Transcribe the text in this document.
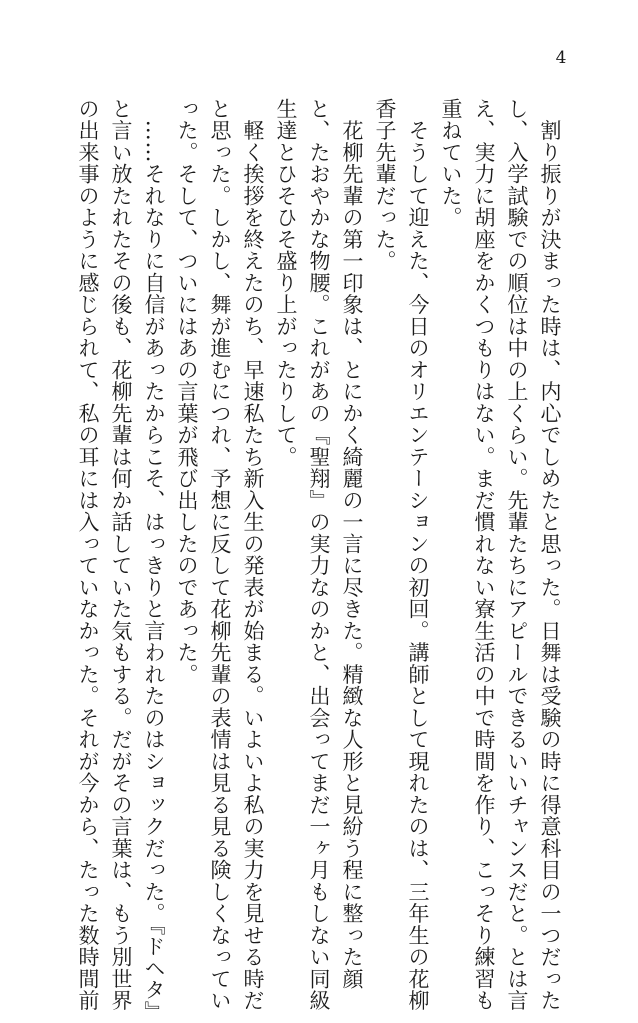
4

　割り振りが決まった時は、内心でしめたと思った。日舞は受験の時に得意科目の一つだった

し、入学試験での順位は中の上くらい。先輩たちにアピールできるいいチャンスだと。とは言

え、実力に胡座をかくつもりはない。まだ慣れない寮生活の中で時間を作り、こっそり練習も

重ねていた。

　そうして迎えた、今日のオリエンテーションの初回。講師として現れたのは、三年生の花柳

香子先輩だった。

　花柳先輩の第一印象は、とにかく綺麗の一言に尽きた。精緻な人形と見紛う程に整った顔

と、たおやかな物腰。これがあの『聖翔』の実力なのかと、出会ってまだ一ヶ月もしない同級

生達とひそひそ盛り上がったりして。

　軽く挨拶を終えたのち、早速私たち新入生の発表が始まる。いよいよ私の実力を見せる時だ

と思った。しかし、舞が進むにつれ、予想に反して花柳先輩の表情は見る見る険しくなってい

った。そして、ついにはあの言葉が飛び出したのであった。

　……それなりに自信があったからこそ、はっきりと言われたのはショックだった。『ドヘタ』

と言い放たれたその後も、花柳先輩は何か話していた気もする。だがその言葉は、もう別世界

の出来事のように感じられて、私の耳には入っていなかった。それが今から、たった数時間前
